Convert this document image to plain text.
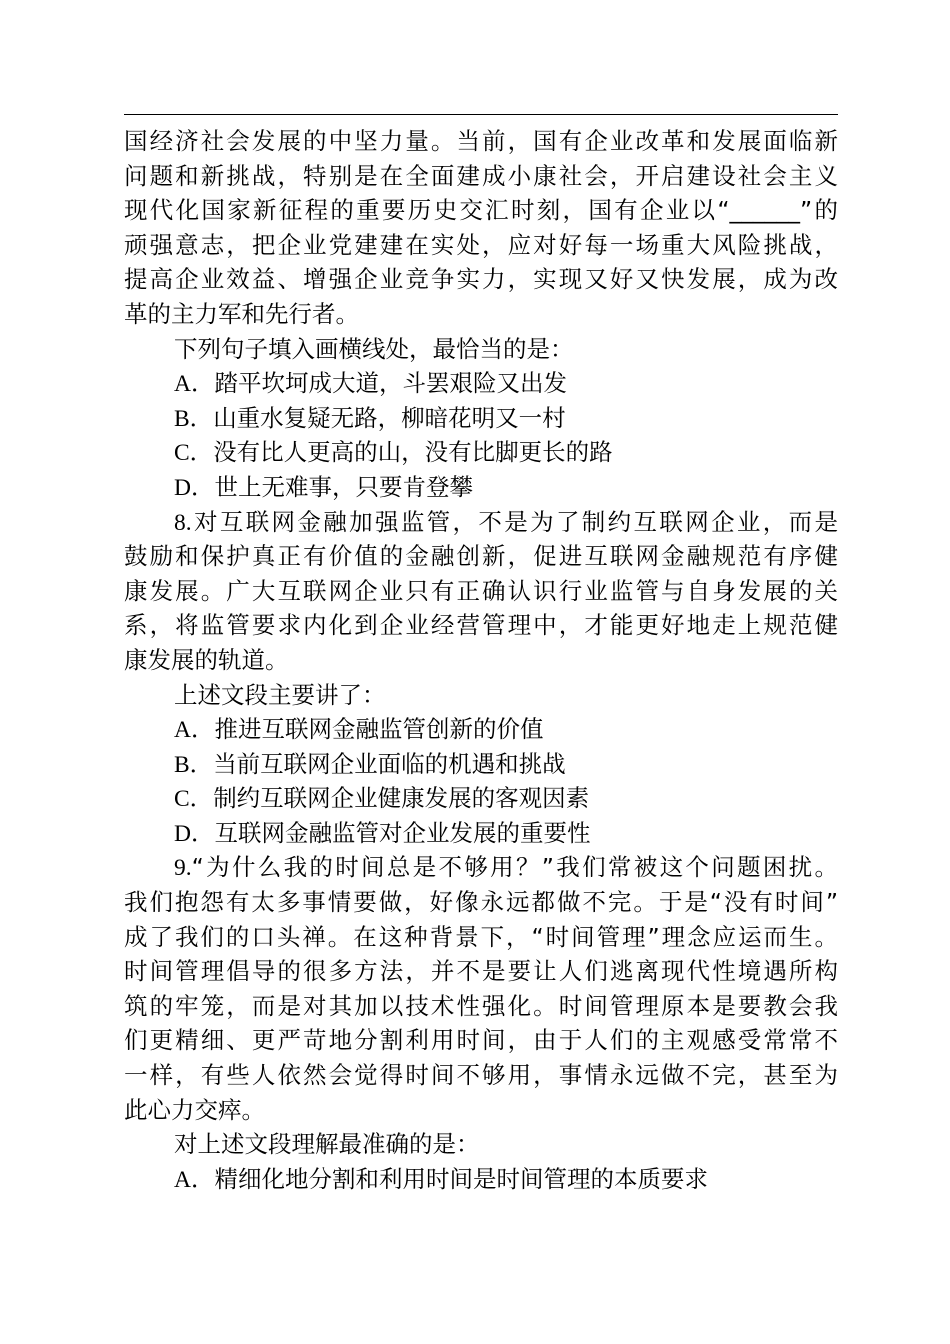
国经济社会发展的中坚力量。当前，国有企业改革和发展面临新
问题和新挑战，特别是在全面建成小康社会，开启建设社会主义
现代化国家新征程的重要历史交汇时刻，国有企业以“______”的
顽强意志，把企业党建建在实处，应对好每一场重大风险挑战，
提高企业效益、增强企业竞争实力，实现又好又快发展，成为改
革的主力军和先行者。
下列句子填入画横线处，最恰当的是：
A．踏平坎坷成大道，斗罢艰险又出发
B．山重水复疑无路，柳暗花明又一村
C．没有比人更高的山，没有比脚更长的路
D．世上无难事，只要肯登攀
8.对互联网金融加强监管，不是为了制约互联网企业，而是
鼓励和保护真正有价值的金融创新，促进互联网金融规范有序健
康发展。广大互联网企业只有正确认识行业监管与自身发展的关
系，将监管要求内化到企业经营管理中，才能更好地走上规范健
康发展的轨道。
上述文段主要讲了：
A．推进互联网金融监管创新的价值
B．当前互联网企业面临的机遇和挑战
C．制约互联网企业健康发展的客观因素
D．互联网金融监管对企业发展的重要性
9.“为什么我的时间总是不够用？”我们常被这个问题困扰。
我们抱怨有太多事情要做，好像永远都做不完。于是“没有时间”
成了我们的口头禅。在这种背景下，“时间管理”理念应运而生。
时间管理倡导的很多方法，并不是要让人们逃离现代性境遇所构
筑的牢笼，而是对其加以技术性强化。时间管理原本是要教会我
们更精细、更严苛地分割利用时间，由于人们的主观感受常常不
一样，有些人依然会觉得时间不够用，事情永远做不完，甚至为
此心力交瘁。
对上述文段理解最准确的是：
A．精细化地分割和利用时间是时间管理的本质要求
